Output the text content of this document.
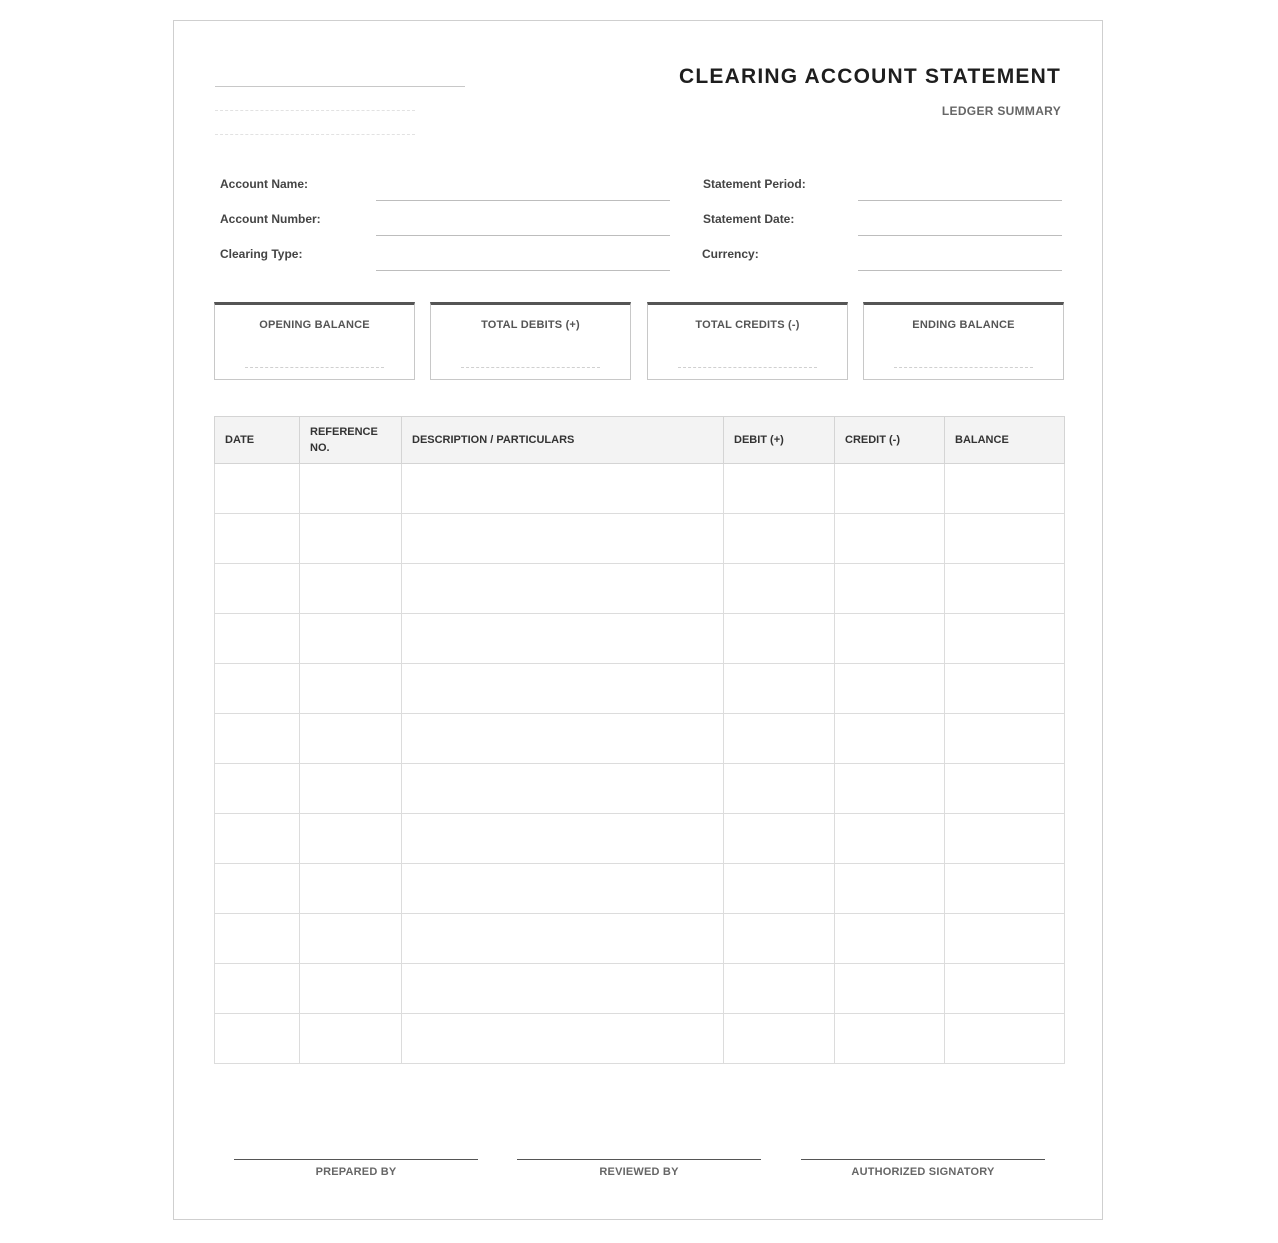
CLEARING ACCOUNT STATEMENT
LEDGER SUMMARY
Account Name:
Account Number:
Clearing Type:
Statement Period:
Statement Date:
Currency:
OPENING BALANCE	TOTAL DEBITS (+)	TOTAL CREDITS (-)	ENDING BALANCE
DATE	REFERENCE NO.	DESCRIPTION / PARTICULARS	DEBIT (+)	CREDIT (-)	BALANCE

PREPARED BY	REVIEWED BY	AUTHORIZED SIGNATORY
